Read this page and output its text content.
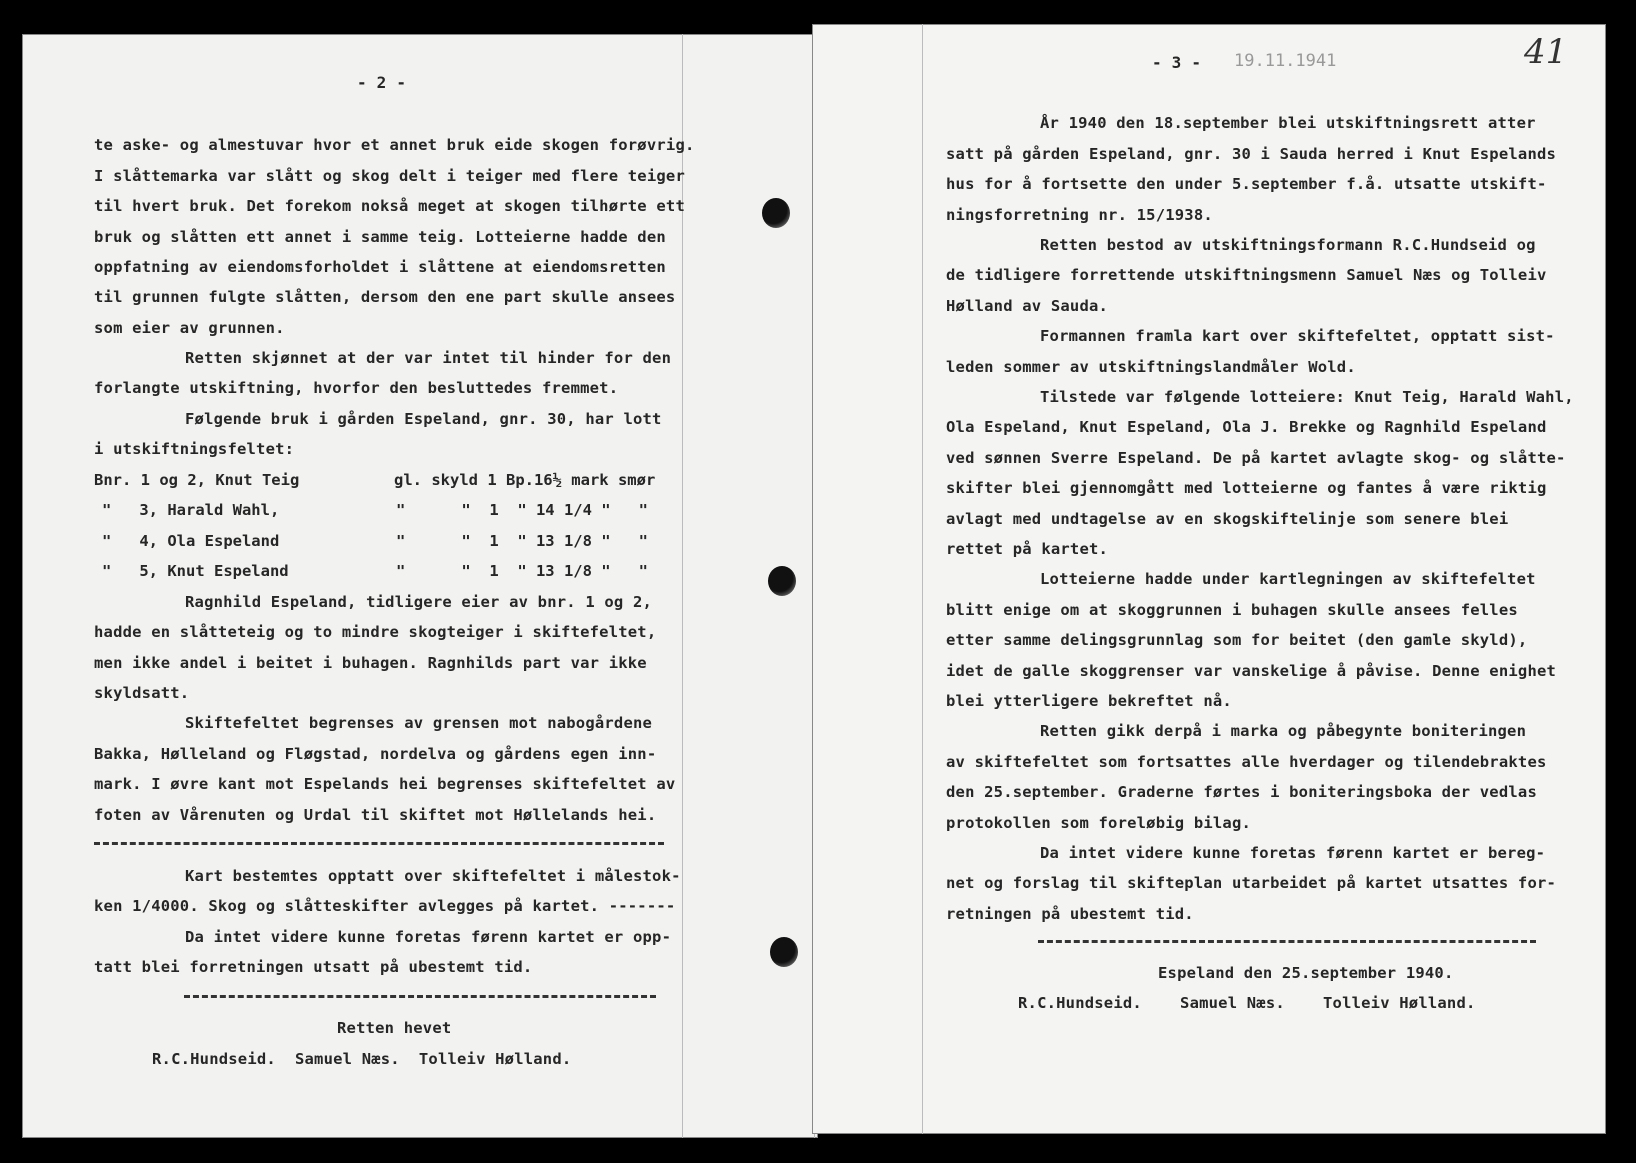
- 2 -
te aske- og almestuvar hvor et annet bruk eide skogen forøvrig.
I slåttemarka var slått og skog delt i teiger med flere teiger
til hvert bruk. Det forekom nokså meget at skogen tilhørte ett
bruk og slåtten ett annet i samme teig. Lotteierne hadde den
oppfatning av eiendomsforholdet i slåttene at eiendomsretten
til grunnen fulgte slåtten, dersom den ene part skulle ansees
som eier av grunnen.
Retten skjønnet at der var intet til hinder for den
forlangte utskiftning, hvorfor den besluttedes fremmet.
Følgende bruk i gården Espeland, gnr. 30, har lott
i utskiftningsfeltet:
Bnr. 1 og 2, Knut Teig	gl. skyld 1 Bp.16½ mark smør
"   3, Harald Wahl,	"      "  1  " 14 1/4 "   "
"   4, Ola Espeland	"      "  1  " 13 1/8 "   "
"   5, Knut Espeland	"      "  1  " 13 1/8 "   "
Ragnhild Espeland, tidligere eier av bnr. 1 og 2,
hadde en slåtteteig og to mindre skogteiger i skiftefeltet,
men ikke andel i beitet i buhagen. Ragnhilds part var ikke
skyldsatt.
Skiftefeltet begrenses av grensen mot nabogårdene
Bakka, Hølleland og Fløgstad, nordelva og gårdens egen inn-
mark. I øvre kant mot Espelands hei begrenses skiftefeltet av
foten av Vårenuten og Urdal til skiftet mot Høllelands hei.
Kart bestemtes opptatt over skiftefeltet i målestok-
ken 1/4000. Skog og slåtteskifter avlegges på kartet. -------
Da intet videre kunne foretas førenn kartet er opp-
tatt blei forretningen utsatt på ubestemt tid.
Retten hevet
R.C.Hundseid.  Samuel Næs.  Tolleiv Hølland.
- 3 - 19.11.1941	41
År 1940 den 18.september blei utskiftningsrett atter
satt på gården Espeland, gnr. 30 i Sauda herred i Knut Espelands
hus for å fortsette den under 5.september f.å. utsatte utskift-
ningsforretning nr. 15/1938.
Retten bestod av utskiftningsformann R.C.Hundseid og
de tidligere forrettende utskiftningsmenn Samuel Næs og Tolleiv
Hølland av Sauda.
Formannen framla kart over skiftefeltet, opptatt sist-
leden sommer av utskiftningslandmåler Wold.
Tilstede var følgende lotteiere: Knut Teig, Harald Wahl,
Ola Espeland, Knut Espeland, Ola J. Brekke og Ragnhild Espeland
ved sønnen Sverre Espeland. De på kartet avlagte skog- og slåtte-
skifter blei gjennomgått med lotteierne og fantes å være riktig
avlagt med undtagelse av en skogskiftelinje som senere blei
rettet på kartet.
Lotteierne hadde under kartlegningen av skiftefeltet
blitt enige om at skoggrunnen i buhagen skulle ansees felles
etter samme delingsgrunnlag som for beitet (den gamle skyld),
idet de galle skoggrenser var vanskelige å påvise. Denne enighet
blei ytterligere bekreftet nå.
Retten gikk derpå i marka og påbegynte boniteringen
av skiftefeltet som fortsattes alle hverdager og tilendebraktes
den 25.september. Graderne førtes i boniteringsboka der vedlas
protokollen som foreløbig bilag.
Da intet videre kunne foretas førenn kartet er bereg-
net og forslag til skifteplan utarbeidet på kartet utsattes for-
retningen på ubestemt tid.
Espeland den 25.september 1940.
R.C.Hundseid.    Samuel Næs.    Tolleiv Hølland.
